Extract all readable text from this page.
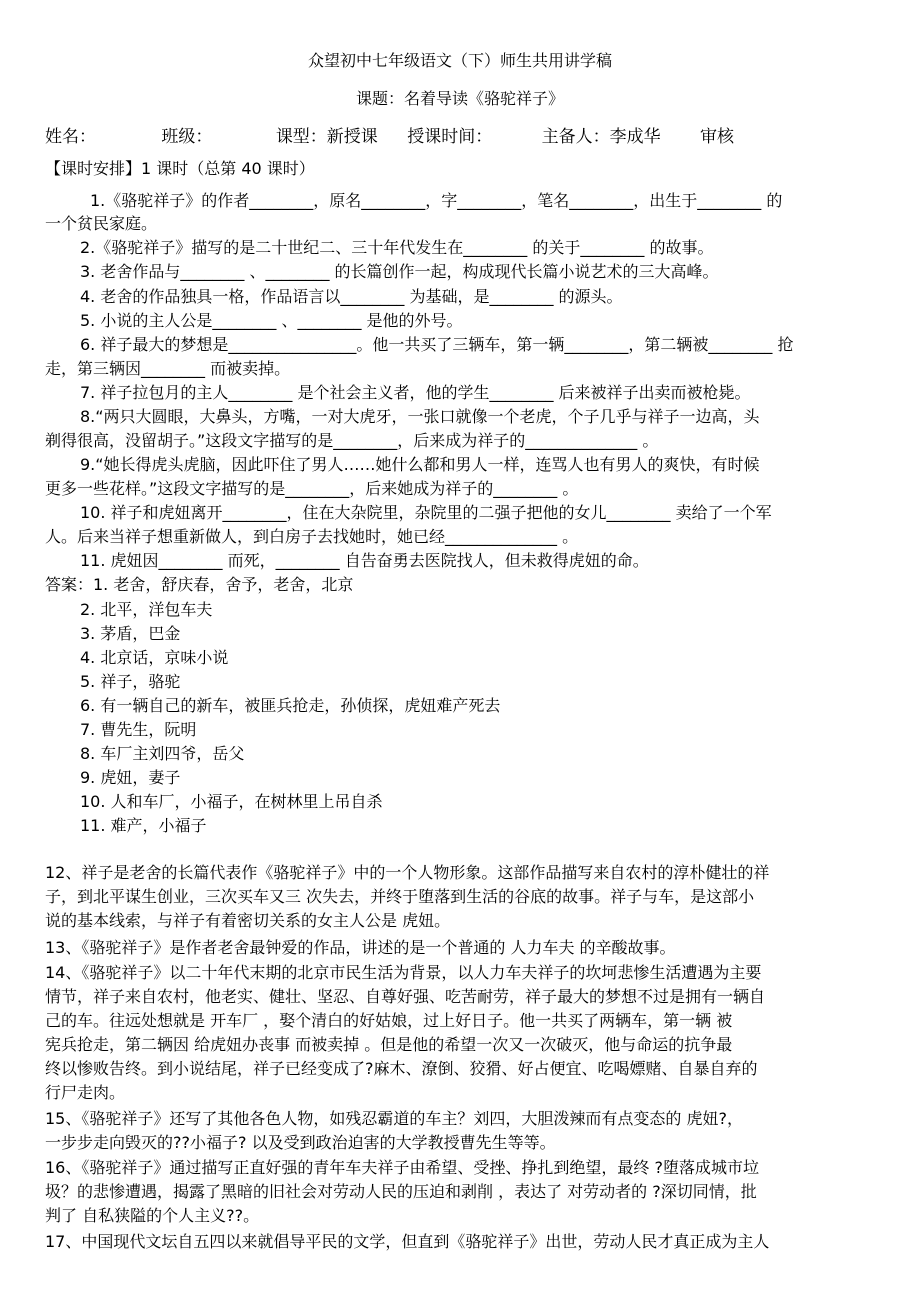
众望初中七年级语文（下）师生共用讲学稿
课题：名着导读《骆驼祥子》
姓名：	班级：	课型：新授课 授课时间：	主备人：李成华 审核
【课时安排】1 课时（总第 40 课时）
1.《骆驼祥子》的作者________，原名________，字________，笔名________，出生于________ 的
一个贫民家庭。
2.《骆驼祥子》描写的是二十世纪二、三十年代发生在________ 的关于________ 的故事。
3. 老舍作品与________ 、________ 的长篇创作一起，构成现代长篇小说艺术的三大高峰。
4. 老舍的作品独具一格，作品语言以________ 为基础，是________ 的源头。
5. 小说的主人公是________ 、________ 是他的外号。
6. 祥子最大的梦想是________________。他一共买了三辆车，第一辆________，第二辆被________ 抢
走，第三辆因________ 而被卖掉。
7. 祥子拉包月的主人________ 是个社会主义者，他的学生________ 后来被祥子出卖而被枪毙。
8.“两只大圆眼，大鼻头，方嘴，一对大虎牙，一张口就像一个老虎，个子几乎与祥子一边高，头
剃得很高，没留胡子。”这段文字描写的是________，后来成为祥子的______________ 。
9.“她长得虎头虎脑，因此吓住了男人……她什么都和男人一样，连骂人也有男人的爽快，有时候
更多一些花样。”这段文字描写的是________，后来她成为祥子的________ 。
10. 祥子和虎妞离开________，住在大杂院里，杂院里的二强子把他的女儿________ 卖给了一个军
人。后来当祥子想重新做人，到白房子去找她时，她已经______________ 。
11. 虎妞因________ 而死，________ 自告奋勇去医院找人，但未救得虎妞的命。
答案：1. 老舍，舒庆春，舍予，老舍，北京
2. 北平，洋包车夫
3. 茅盾，巴金
4. 北京话，京味小说
5. 祥子，骆驼
6. 有一辆自己的新车，被匪兵抢走，孙侦探，虎妞难产死去
7. 曹先生，阮明
8. 车厂主刘四爷，岳父
9. 虎妞，妻子
10. 人和车厂，小福子，在树林里上吊自杀
11. 难产，小福子
12、祥子是老舍的长篇代表作《骆驼祥子》中的一个人物形象。这部作品描写来自农村的淳朴健壮的祥
子，到北平谋生创业，三次买车又三 次失去，并终于堕落到生活的谷底的故事。祥子与车，是这部小
说的基本线索，与祥子有着密切关系的女主人公是 虎妞。
13、《骆驼祥子》是作者老舍最钟爱的作品，讲述的是一个普通的 人力车夫 的辛酸故事。
14、《骆驼祥子》以二十年代末期的北京市民生活为背景，以人力车夫祥子的坎坷悲惨生活遭遇为主要
情节，祥子来自农村，他老实、健壮、坚忍、自尊好强、吃苦耐劳，祥子最大的梦想不过是拥有一辆自
己的车。往远处想就是 开车厂 ，娶个清白的好姑娘，过上好日子。他一共买了两辆车，第一辆 被
宪兵抢走，第二辆因 给虎妞办丧事 而被卖掉 。但是他的希望一次又一次破灭，他与命运的抗争最
终以惨败告终。到小说结尾，祥子已经变成了?麻木、潦倒、狡猾、好占便宜、吃喝嫖赌、自暴自弃的
行尸走肉。
15、《骆驼祥子》还写了其他各色人物，如残忍霸道的车主？刘四，大胆泼辣而有点变态的 虎妞?，
一步步走向毁灭的??小福子? 以及受到政治迫害的大学教授曹先生等等。
16、《骆驼祥子》通过描写正直好强的青年车夫祥子由希望、受挫、挣扎到绝望，最终 ?堕落成城市垃
圾？的悲惨遭遇，揭露了黑暗的旧社会对劳动人民的压迫和剥削 ，表达了 对劳动者的 ?深切同情，批
判了 自私狭隘的个人主义??。
17、中国现代文坛自五四以来就倡导平民的文学，但直到《骆驼祥子》出世，劳动人民才真正成为主人
